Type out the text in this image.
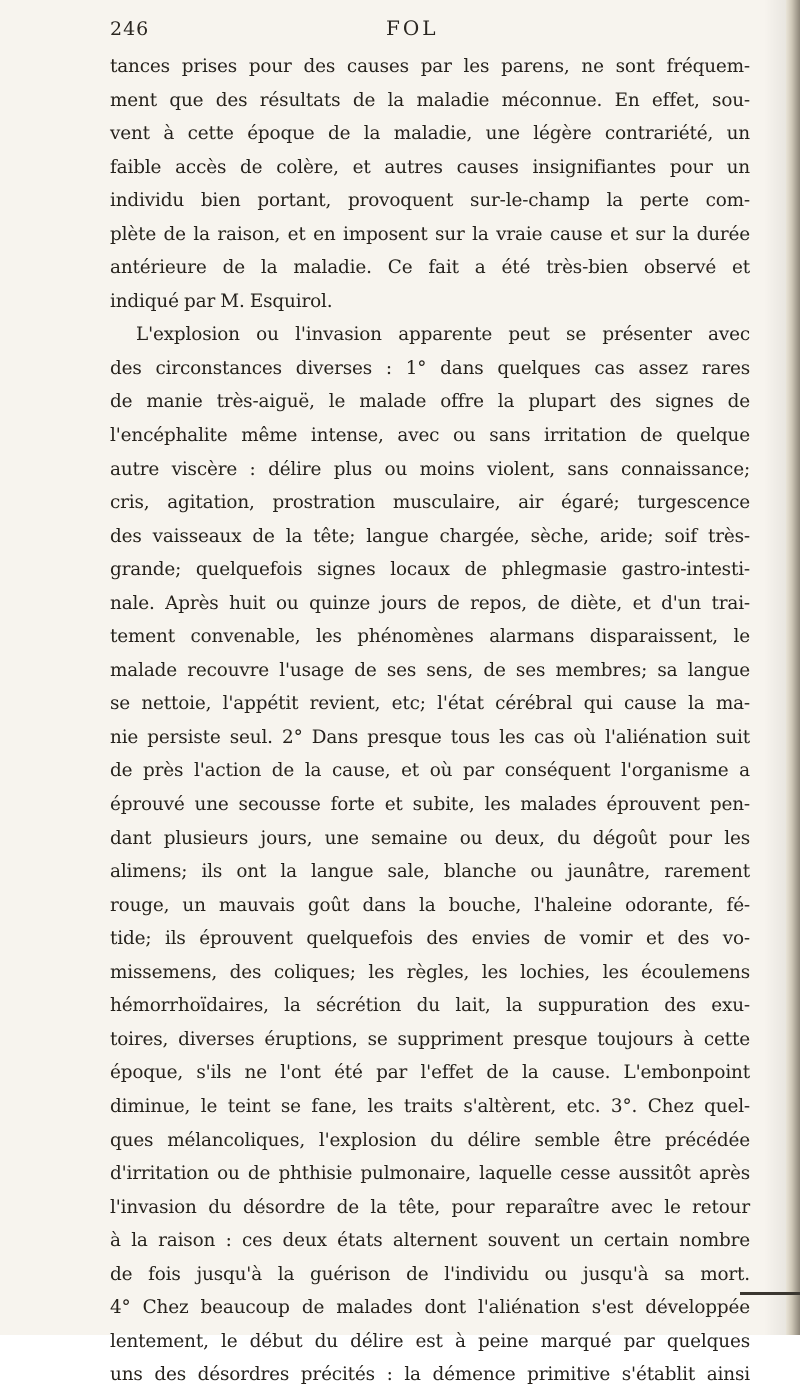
246	FOL
tances prises pour des causes par les parens, ne sont fréquem-
ment que des résultats de la maladie méconnue. En effet, sou-
vent à cette époque de la maladie, une légère contrariété, un
faible accès de colère, et autres causes insignifiantes pour un
individu bien portant, provoquent sur-le-champ la perte com-
plète de la raison, et en imposent sur la vraie cause et sur la durée
antérieure de la maladie. Ce fait a été très-bien observé et
indiqué par M. Esquirol.
L'explosion ou l'invasion apparente peut se présenter avec
des circonstances diverses : 1° dans quelques cas assez rares
de manie très-aiguë, le malade offre la plupart des signes de
l'encéphalite même intense, avec ou sans irritation de quelque
autre viscère : délire plus ou moins violent, sans connaissance;
cris, agitation, prostration musculaire, air égaré; turgescence
des vaisseaux de la tête; langue chargée, sèche, aride; soif très-
grande; quelquefois signes locaux de phlegmasie gastro-intesti-
nale. Après huit ou quinze jours de repos, de diète, et d'un trai-
tement convenable, les phénomènes alarmans disparaissent, le
malade recouvre l'usage de ses sens, de ses membres; sa langue
se nettoie, l'appétit revient, etc; l'état cérébral qui cause la ma-
nie persiste seul. 2° Dans presque tous les cas où l'aliénation suit
de près l'action de la cause, et où par conséquent l'organisme a
éprouvé une secousse forte et subite, les malades éprouvent pen-
dant plusieurs jours, une semaine ou deux, du dégoût pour les
alimens; ils ont la langue sale, blanche ou jaunâtre, rarement
rouge, un mauvais goût dans la bouche, l'haleine odorante, fé-
tide; ils éprouvent quelquefois des envies de vomir et des vo-
missemens, des coliques; les règles, les lochies, les écoulemens
hémorrhoïdaires, la sécrétion du lait, la suppuration des exu-
toires, diverses éruptions, se suppriment presque toujours à cette
époque, s'ils ne l'ont été par l'effet de la cause. L'embonpoint
diminue, le teint se fane, les traits s'altèrent, etc. 3°. Chez quel-
ques mélancoliques, l'explosion du délire semble être précédée
d'irritation ou de phthisie pulmonaire, laquelle cesse aussitôt après
l'invasion du désordre de la tête, pour reparaître avec le retour
à la raison : ces deux états alternent souvent un certain nombre
de fois jusqu'à la guérison de l'individu ou jusqu'à sa mort.
4° Chez beaucoup de malades dont l'aliénation s'est développée
lentement, le début du délire est à peine marqué par quelques
uns des désordres précités : la démence primitive s'établit ainsi
